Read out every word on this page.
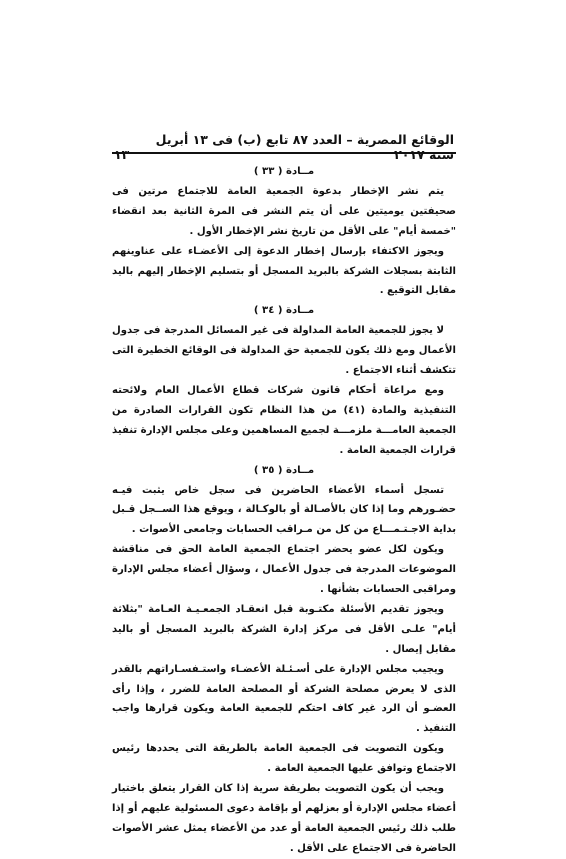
الوقائع المصرية – العدد ٨٧ تابع (ب) فى ١٣ أبريل سنة ٢٠١٧
١٣
مــادة ( ٣٣ )

يتم نشر الإخطار بدعوة الجمعية العامة للاجتماع مرتين فى صحيفتين يوميتين على أن يتم النشر فى المرة الثانية بعد انقضاء "خمسة أيام" على الأقل من تاريخ نشر الإخطار الأول .

ويجوز الاكتفاء بإرسال إخطار الدعوة إلى الأعضـاء على عناوينهم الثابتة بسجلات الشركة بالبريد المسجل أو بتسليم الإخطار إليهم باليد مقابل التوقيع .

مــادة ( ٣٤ )

لا يجوز للجمعية العامة المداولة فى غير المسائل المدرجة فى جدول الأعمال ومع ذلك يكون للجمعية حق المداولة فى الوقائع الخطيرة التى تتكشف أثناء الاجتماع .

ومع مراعاة أحكام قانون شركات قطاع الأعمال العام ولائحته التنفيذية والمادة (٤١) من هذا النظام تكون القرارات الصادرة من الجمعية العامـــة ملزمـــة لجميع المساهمين وعلى مجلس الإدارة تنفيذ قرارات الجمعية العامة .

مــادة ( ٣٥ )

تسجل أسماء الأعضاء الحاضرين فى سجل خاص يثبت فيـه حضـورهم وما إذا كان بالأصـالة أو بالوكـالة ، ويوقع هذا الســجل قـبل بداية الاجـتـمـــاع من كل من مـراقب الحسابات وجامعى الأصوات .

ويكون لكل عضو يحضر اجتماع الجمعية العامة الحق فى مناقشة الموضوعات المدرجة فى جدول الأعمال ، وسؤال أعضاء مجلس الإدارة ومراقبى الحسابات بشأنها .

ويجوز تقديم الأسئلة مكتـوبة قبل انعقـاد الجمعـيـة العـامة "بثلاثة أيام" علـى الأقل فى مركز إدارة الشركة بالبريد المسجل أو باليد مقابل إيصال .

ويجيب مجلس الإدارة على أسـئـلة الأعضـاء واستـفسـاراتهم بالقدر الذى لا يعرض مصلحة الشركة أو المصلحة العامة للضرر ، وإذا رأى العضـو أن الرد غير كاف احتكم للجمعية العامة ويكون قرارها واجب التنفيذ .

ويكون التصويت فى الجمعية العامة بالطريقة التى يحددها رئيس الاجتماع وتوافق عليها الجمعية العامة .

ويجب أن يكون التصويت بطريقة سرية إذا كان القرار يتعلق باختيار أعضاء مجلس الإدارة أو بعزلهم أو بإقامة دعوى المسئولية عليهم أو إذا طلب ذلك رئيس الجمعية العامة أو عدد من الأعضاء يمثل عشر الأصوات الحاضرة فى الاجتماع على الأقل .
